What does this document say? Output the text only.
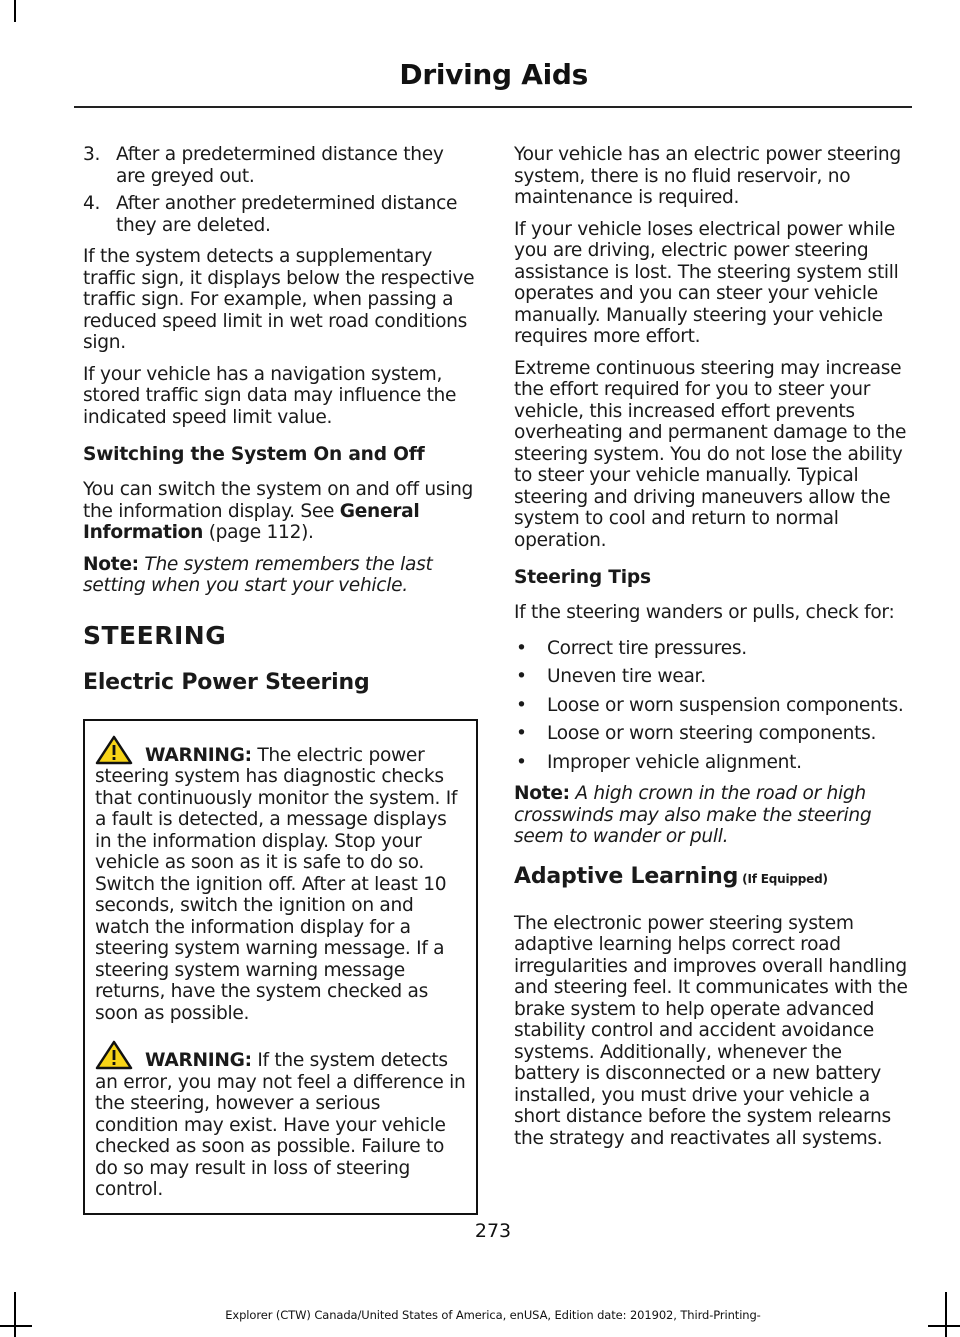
Driving Aids
3. After a predetermined distance they are greyed out.
4. After another predetermined distance they are deleted.

If the system detects a supplementary traffic sign, it displays below the respective traffic sign. For example, when passing a reduced speed limit in wet road conditions sign.

If your vehicle has a navigation system, stored traffic sign data may influence the indicated speed limit value.

Switching the System On and Off

You can switch the system on and off using the information display. See General Information (page 112).

Note: The system remembers the last setting when you start your vehicle.

STEERING
Electric Power Steering

WARNING: The electric power steering system has diagnostic checks that continuously monitor the system. If a fault is detected, a message displays in the information display. Stop your vehicle as soon as it is safe to do so. Switch the ignition off. After at least 10 seconds, switch the ignition on and watch the information display for a steering system warning message. If a steering system warning message returns, have the system checked as soon as possible.

WARNING: If the system detects an error, you may not feel a difference in the steering, however a serious condition may exist. Have your vehicle checked as soon as possible. Failure to do so may result in loss of steering control.

Your vehicle has an electric power steering system, there is no fluid reservoir, no maintenance is required.

If your vehicle loses electrical power while you are driving, electric power steering assistance is lost. The steering system still operates and you can steer your vehicle manually. Manually steering your vehicle requires more effort.

Extreme continuous steering may increase the effort required for you to steer your vehicle, this increased effort prevents overheating and permanent damage to the steering system. You do not lose the ability to steer your vehicle manually. Typical steering and driving maneuvers allow the system to cool and return to normal operation.

Steering Tips

If the steering wanders or pulls, check for:

• Correct tire pressures.
• Uneven tire wear.
• Loose or worn suspension components.
• Loose or worn steering components.
• Improper vehicle alignment.

Note: A high crown in the road or high crosswinds may also make the steering seem to wander or pull.

Adaptive Learning (If Equipped)

The electronic power steering system adaptive learning helps correct road irregularities and improves overall handling and steering feel. It communicates with the brake system to help operate advanced stability control and accident avoidance systems. Additionally, whenever the battery is disconnected or a new battery installed, you must drive your vehicle a short distance before the system relearns the strategy and reactivates all systems.

273
Explorer (CTW) Canada/United States of America, enUSA, Edition date: 201902, Third-Printing-
